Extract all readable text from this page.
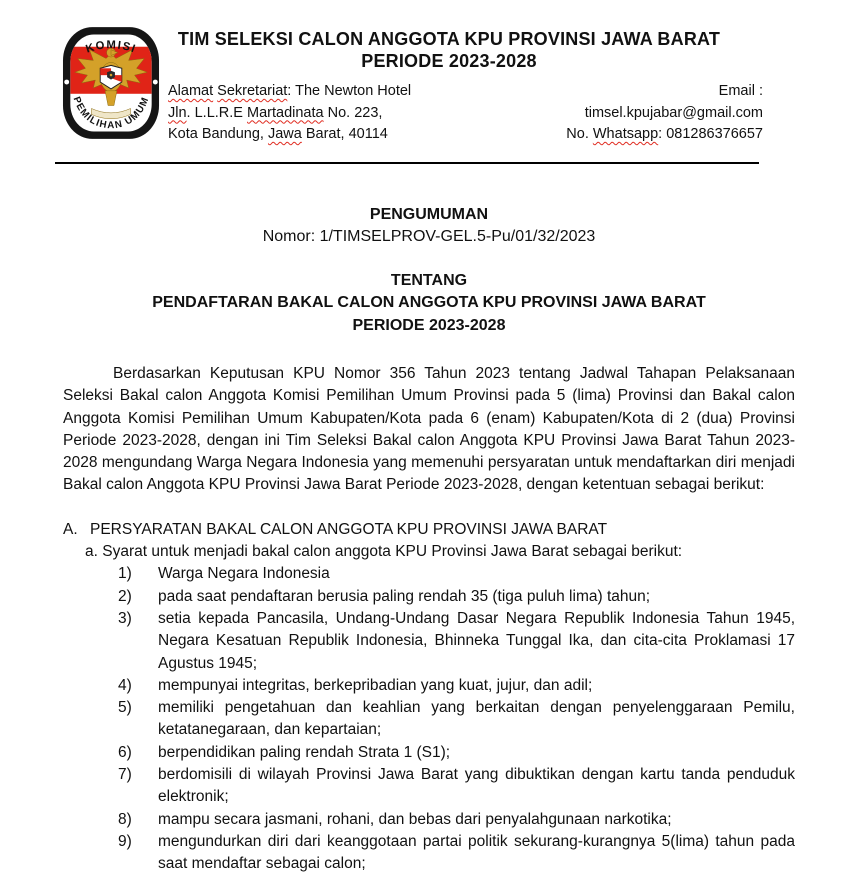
KOMISI
PEMILIHAN UMUM
TIM SELEKSI CALON ANGGOTA KPU PROVINSI JAWA BARAT
PERIODE 2023-2028
Alamat Sekretariat: The Newton Hotel
Jln. L.L.R.E Martadinata No. 223,
Kota Bandung, Jawa Barat, 40114
Email :
timsel.kpujabar@gmail.com
No. Whatsapp: 081286376657
PENGUMUMAN
Nomor: 1/TIMSELPROV-GEL.5-Pu/01/32/2023
TENTANG
PENDAFTARAN BAKAL CALON ANGGOTA KPU PROVINSI JAWA BARAT
PERIODE 2023-2028

Berdasarkan Keputusan KPU Nomor 356 Tahun 2023 tentang Jadwal Tahapan Pelaksanaan Seleksi Bakal calon Anggota Komisi Pemilihan Umum Provinsi pada 5 (lima) Provinsi dan Bakal calon Anggota Komisi Pemilihan Umum Kabupaten/Kota pada 6 (enam) Kabupaten/Kota di 2 (dua) Provinsi Periode 2023-2028, dengan ini Tim Seleksi Bakal calon Anggota KPU Provinsi Jawa Barat Tahun 2023-2028 mengundang Warga Negara Indonesia yang memenuhi persyaratan untuk mendaftarkan diri menjadi Bakal calon Anggota KPU Provinsi Jawa Barat Periode 2023-2028, dengan ketentuan sebagai berikut:

A. PERSYARATAN BAKAL CALON ANGGOTA KPU PROVINSI JAWA BARAT

a. Syarat untuk menjadi bakal calon anggota KPU Provinsi Jawa Barat sebagai berikut:

1) Warga Negara Indonesia
2) pada saat pendaftaran berusia paling rendah 35 (tiga puluh lima) tahun;
3) setia kepada Pancasila, Undang-Undang Dasar Negara Republik Indonesia Tahun 1945, Negara Kesatuan Republik Indonesia, Bhinneka Tunggal Ika, dan cita-cita Proklamasi 17 Agustus 1945;
4) mempunyai integritas, berkepribadian yang kuat, jujur, dan adil;
5) memiliki pengetahuan dan keahlian yang berkaitan dengan penyelenggaraan Pemilu, ketatanegaraan, dan kepartaian;
6) berpendidikan paling rendah Strata 1 (S1);
7) berdomisili di wilayah Provinsi Jawa Barat yang dibuktikan dengan kartu tanda penduduk elektronik;
8) mampu secara jasmani, rohani, dan bebas dari penyalahgunaan narkotika;
9) mengundurkan diri dari keanggotaan partai politik sekurang-kurangnya 5(lima) tahun pada saat mendaftar sebagai calon;
